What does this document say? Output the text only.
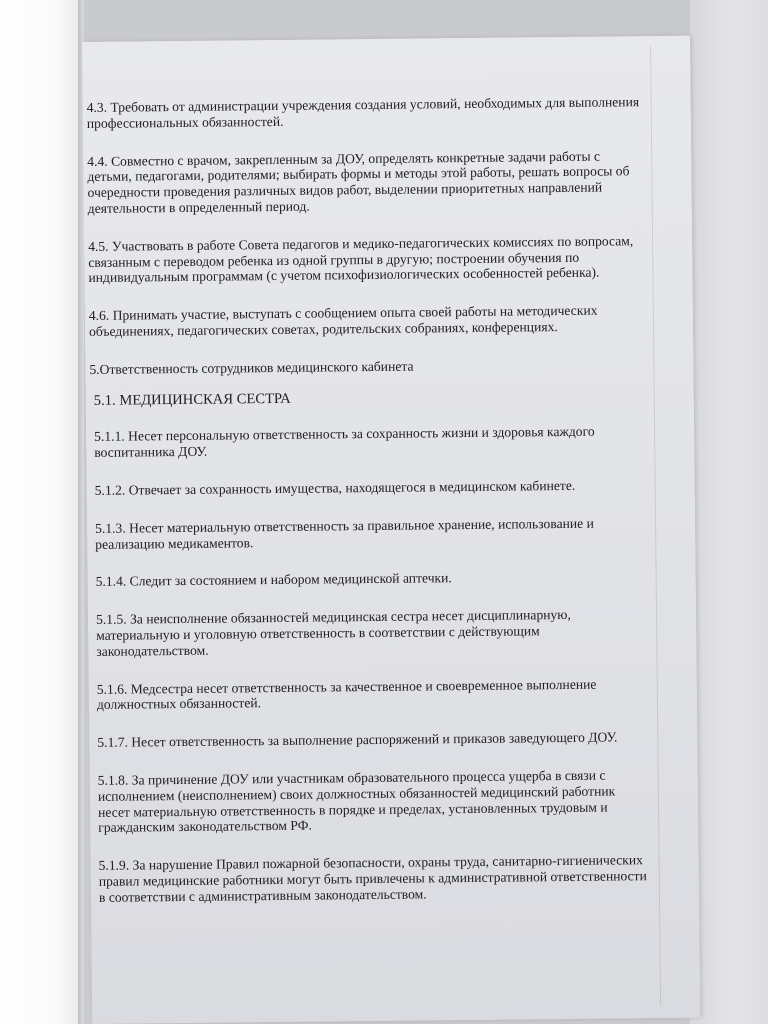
4.3. Требовать от администрации учреждения создания условий, необходимых для выполнения профессиональных обязанностей.

4.4. Совместно с врачом, закрепленным за ДОУ, определять конкретные задачи работы с детьми, педагогами, родителями; выбирать формы и методы этой работы, решать вопросы об очередности проведения различных видов работ, выделении приоритетных направлений деятельности в определенный период.

4.5. Участвовать в работе Совета педагогов и медико-педагогических комиссиях по вопросам, связанным с переводом ребенка из одной группы в другую; построении обучения по индивидуальным программам (с учетом психофизиологических особенностей ребенка).

4.6. Принимать участие, выступать с сообщением опыта своей работы на методических объединениях, педагогических советах, родительских собраниях, конференциях.

5.Ответственность сотрудников медицинского кабинета

5.1. МЕДИЦИНСКАЯ СЕСТРА

5.1.1. Несет персональную ответственность за сохранность жизни и здоровья каждого воспитанника ДОУ.

5.1.2. Отвечает за сохранность имущества, находящегося в медицинском кабинете.

5.1.3. Несет материальную ответственность за правильное хранение, использование и реализацию медикаментов.

5.1.4. Следит за состоянием и набором медицинской аптечки.

5.1.5. За неисполнение обязанностей медицинская сестра несет дисциплинарную, материальную и уголовную ответственность в соответствии с действующим законодательством.

5.1.6. Медсестра несет ответственность за качественное и своевременное выполнение должностных обязанностей.

5.1.7. Несет ответственность за выполнение распоряжений и приказов заведующего ДОУ.

5.1.8. За причинение ДОУ или участникам образовательного процесса ущерба в связи с исполнением (неисполнением) своих должностных обязанностей медицинский работник несет материальную ответственность в порядке и пределах, установленных трудовым и гражданским законодательством РФ.

5.1.9. За нарушение Правил пожарной безопасности, охраны труда, санитарно-гигиенических правил медицинские работники могут быть привлечены к административной ответственности в соответствии с административным законодательством.
